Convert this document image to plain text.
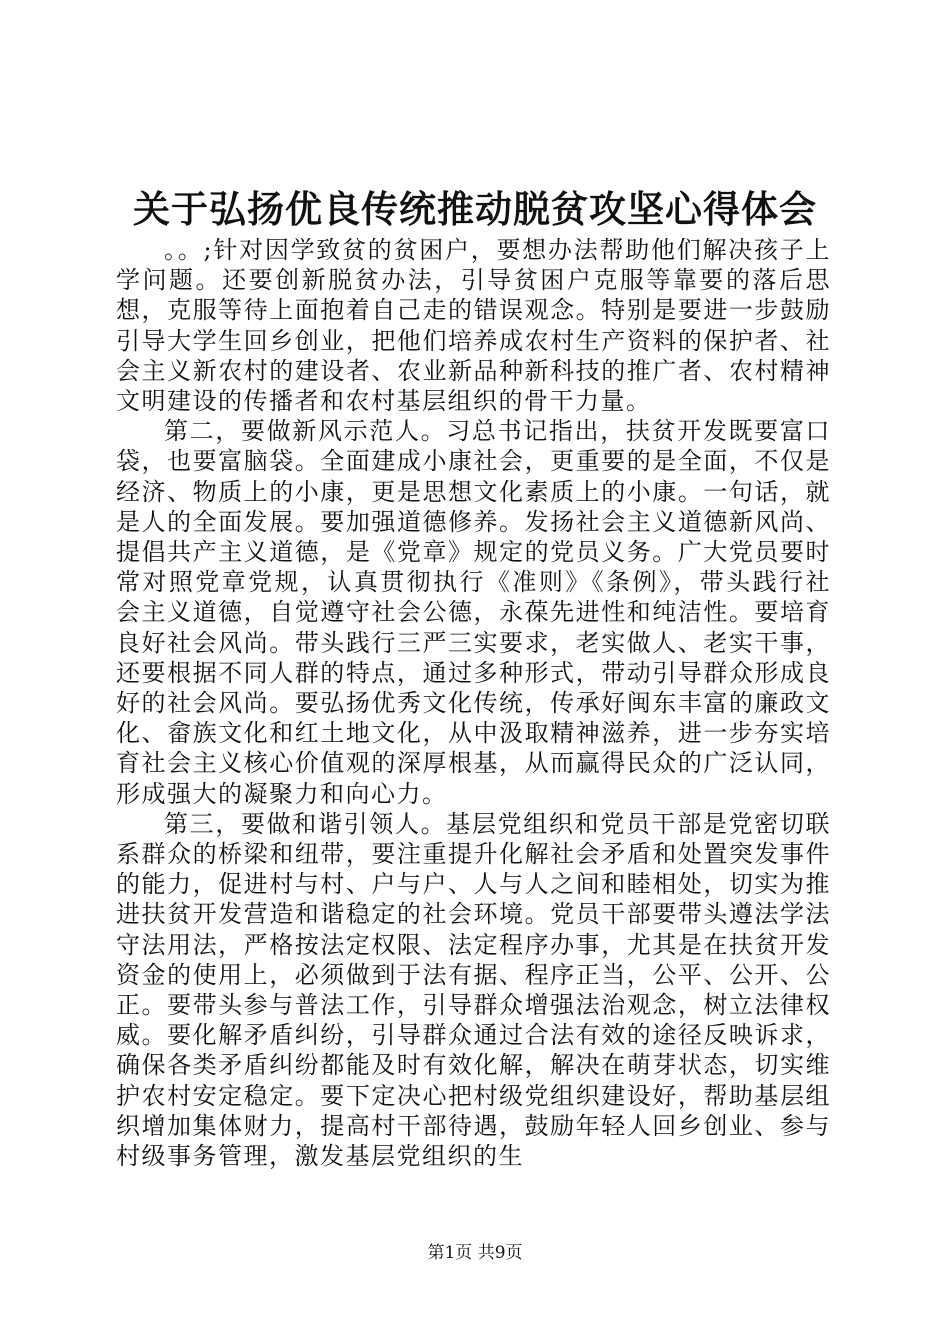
关于弘扬优良传统推动脱贫攻坚心得体会

。。;针对因学致贫的贫困户，要想办法帮助他们解决孩子上学问题。还要创新脱贫办法，引导贫困户克服等靠要的落后思想，克服等待上面抱着自己走的错误观念。特别是要进一步鼓励引导大学生回乡创业，把他们培养成农村生产资料的保护者、社会主义新农村的建设者、农业新品种新科技的推广者、农村精神文明建设的传播者和农村基层组织的骨干力量。

第二，要做新风示范人。习总书记指出，扶贫开发既要富口袋，也要富脑袋。全面建成小康社会，更重要的是全面，不仅是经济、物质上的小康，更是思想文化素质上的小康。一句话，就是人的全面发展。要加强道德修养。发扬社会主义道德新风尚、提倡共产主义道德，是《党章》规定的党员义务。广大党员要时常对照党章党规，认真贯彻执行《准则》《条例》，带头践行社会主义道德，自觉遵守社会公德，永葆先进性和纯洁性。要培育良好社会风尚。带头践行三严三实要求，老实做人、老实干事，还要根据不同人群的特点，通过多种形式，带动引导群众形成良好的社会风尚。要弘扬优秀文化传统，传承好闽东丰富的廉政文化、畲族文化和红土地文化，从中汲取精神滋养，进一步夯实培育社会主义核心价值观的深厚根基，从而赢得民众的广泛认同，形成强大的凝聚力和向心力。

第三，要做和谐引领人。基层党组织和党员干部是党密切联系群众的桥梁和纽带，要注重提升化解社会矛盾和处置突发事件的能力，促进村与村、户与户、人与人之间和睦相处，切实为推进扶贫开发营造和谐稳定的社会环境。党员干部要带头遵法学法守法用法，严格按法定权限、法定程序办事，尤其是在扶贫开发资金的使用上，必须做到于法有据、程序正当，公平、公开、公正。要带头参与普法工作，引导群众增强法治观念，树立法律权威。要化解矛盾纠纷，引导群众通过合法有效的途径反映诉求，确保各类矛盾纠纷都能及时有效化解，解决在萌芽状态，切实维护农村安定稳定。要下定决心把村级党组织建设好，帮助基层组织增加集体财力，提高村干部待遇，鼓励年轻人回乡创业、参与村级事务管理，激发基层党组织的生

第1页 共9页
